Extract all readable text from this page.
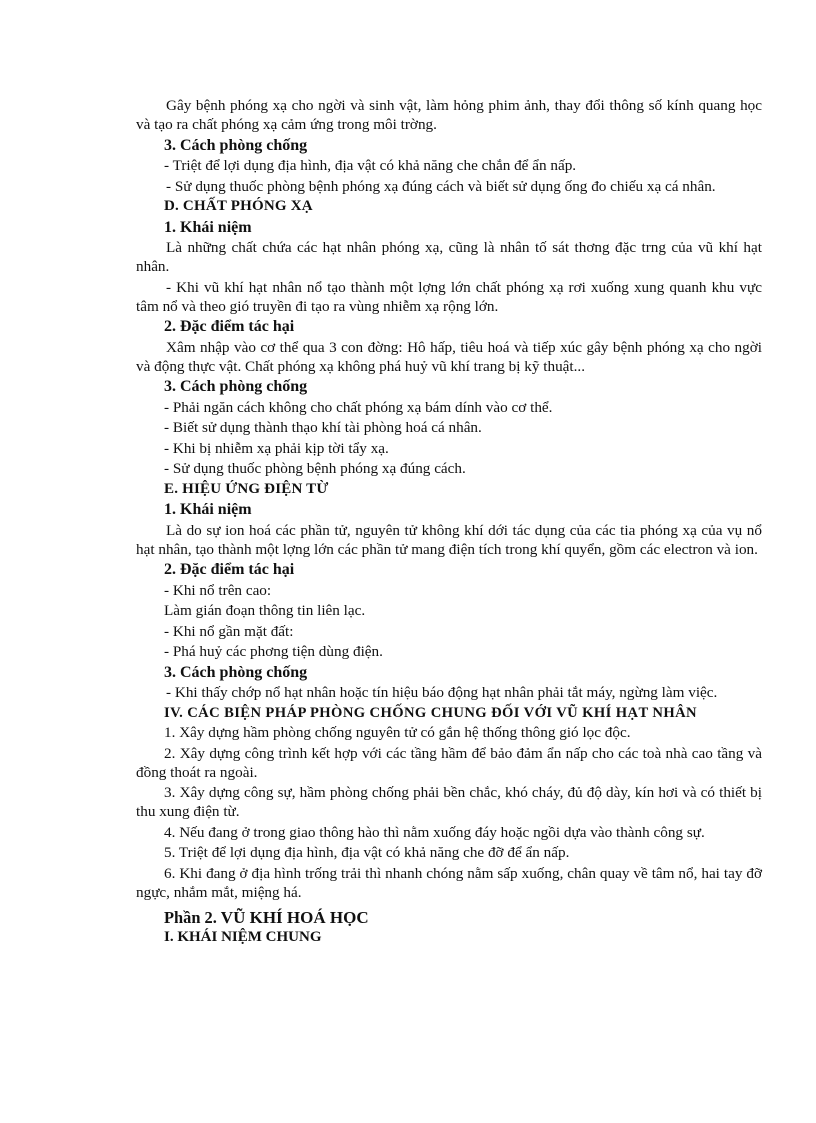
Gây bệnh phóng xạ cho ngời và sinh vật, làm hỏng phim ảnh, thay đổi thông số kính quang học và tạo ra chất phóng xạ cảm ứng trong môi trờng.
3. Cách phòng chống
- Triệt để lợi dụng địa hình, địa vật có khả năng che chắn để ẩn nấp.
- Sử dụng thuốc phòng bệnh phóng xạ đúng cách và biết sử dụng ống đo chiếu xạ cá nhân.
D. CHẤT PHÓNG XẠ
1. Khái niệm
Là những chất chứa các hạt nhân phóng xạ, cũng là nhân tố sát thơng đặc trng của vũ khí hạt nhân.
- Khi vũ khí hạt nhân nổ tạo thành một lợng lớn chất phóng xạ rơi xuống xung quanh khu vực tâm nổ và theo gió truyền đi tạo ra vùng nhiễm xạ rộng lớn.
2. Đặc điểm tác hại
Xâm nhập vào cơ thể qua 3 con đờng: Hô hấp, tiêu hoá và tiếp xúc gây bệnh phóng xạ cho ngời và động thực vật. Chất phóng xạ không phá huỷ vũ khí trang bị kỹ thuật...
3. Cách phòng chống
- Phải ngăn cách không cho chất phóng xạ bám dính vào cơ thể.
- Biết sử dụng thành thạo khí tài phòng hoá cá nhân.
- Khi bị nhiễm xạ phải kịp tời tẩy xạ.
- Sử dụng thuốc phòng bệnh phóng xạ đúng cách.
E. HIỆU ỨNG ĐIỆN TỪ
1. Khái niệm
Là do sự ion hoá các phần tử, nguyên tử không khí dới tác dụng của các tia phóng xạ của vụ nổ hạt nhân, tạo thành một lợng lớn các phần tử mang điện tích trong khí quyển, gồm các electron và ion.
2. Đặc điểm tác hại
- Khi nổ trên cao:
Làm gián đoạn thông tin liên lạc.
- Khi nổ gần mặt đất:
- Phá huỷ các phơng tiện dùng điện.
3. Cách phòng chống
- Khi thấy chớp nổ hạt nhân hoặc tín hiệu báo động hạt nhân phải tắt máy, ngừng làm việc.
IV. CÁC BIỆN PHÁP PHÒNG CHỐNG CHUNG ĐỐI VỚI VŨ KHÍ HẠT NHÂN
1. Xây dựng hầm phòng chống nguyên tử có gắn hệ thống thông gió lọc độc.
2. Xây dựng công trình kết hợp với các tầng hầm để bảo đảm ẩn nấp cho các toà nhà cao tầng và đồng thoát ra ngoài.
3. Xây dựng công sự, hầm phòng chống phải bền chắc, khó cháy, đủ độ dày, kín hơi và có thiết bị thu xung điện từ.
4. Nếu đang ở trong giao thông hào thì nằm xuống đáy hoặc ngồi dựa vào thành công sự.
5. Triệt để lợi dụng địa hình, địa vật có khả năng che đỡ để ẩn nấp.
6. Khi đang ở địa hình trống trải thì nhanh chóng nằm sấp xuống, chân quay về tâm nổ, hai tay đỡ ngực, nhắm mắt, miệng há.
Phần 2. VŨ KHÍ HOÁ HỌC
I. KHÁI NIỆM CHUNG
